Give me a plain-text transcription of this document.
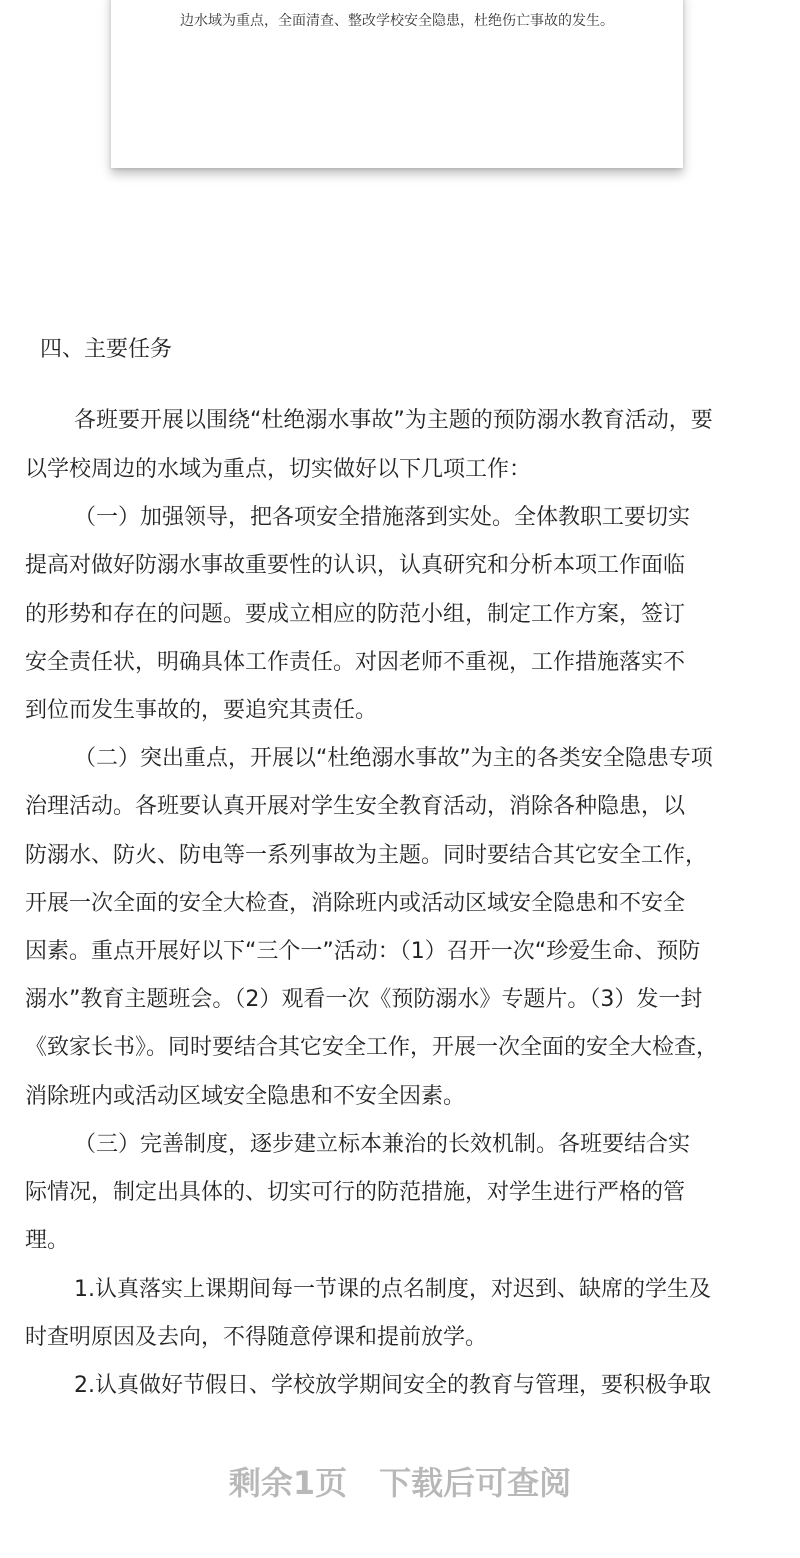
边水域为重点，全面清查、整改学校安全隐患，杜绝伤亡事故的发生。
四、主要任务
各班要开展以围绕“杜绝溺水事故”为主题的预防溺水教育活动，要
以学校周边的水域为重点，切实做好以下几项工作：
（一）加强领导，把各项安全措施落到实处。全体教职工要切实
提高对做好防溺水事故重要性的认识，认真研究和分析本项工作面临
的形势和存在的问题。要成立相应的防范小组，制定工作方案，签订
安全责任状，明确具体工作责任。对因老师不重视，工作措施落实不
到位而发生事故的，要追究其责任。
（二）突出重点，开展以“杜绝溺水事故”为主的各类安全隐患专项
治理活动。各班要认真开展对学生安全教育活动，消除各种隐患，以
防溺水、防火、防电等一系列事故为主题。同时要结合其它安全工作，
开展一次全面的安全大检查，消除班内或活动区域安全隐患和不安全
因素。重点开展好以下“三个一”活动：（1）召开一次“珍爱生命、预防
溺水”教育主题班会。（2）观看一次《预防溺水》专题片。（3）发一封
《致家长书》。同时要结合其它安全工作，开展一次全面的安全大检查，
消除班内或活动区域安全隐患和不安全因素。
（三）完善制度，逐步建立标本兼治的长效机制。各班要结合实
际情况，制定出具体的、切实可行的防范措施，对学生进行严格的管
理。
1.认真落实上课期间每一节课的点名制度，对迟到、缺席的学生及
时查明原因及去向，不得随意停课和提前放学。
2.认真做好节假日、学校放学期间安全的教育与管理，要积极争取
剩余1页　下载后可查阅
